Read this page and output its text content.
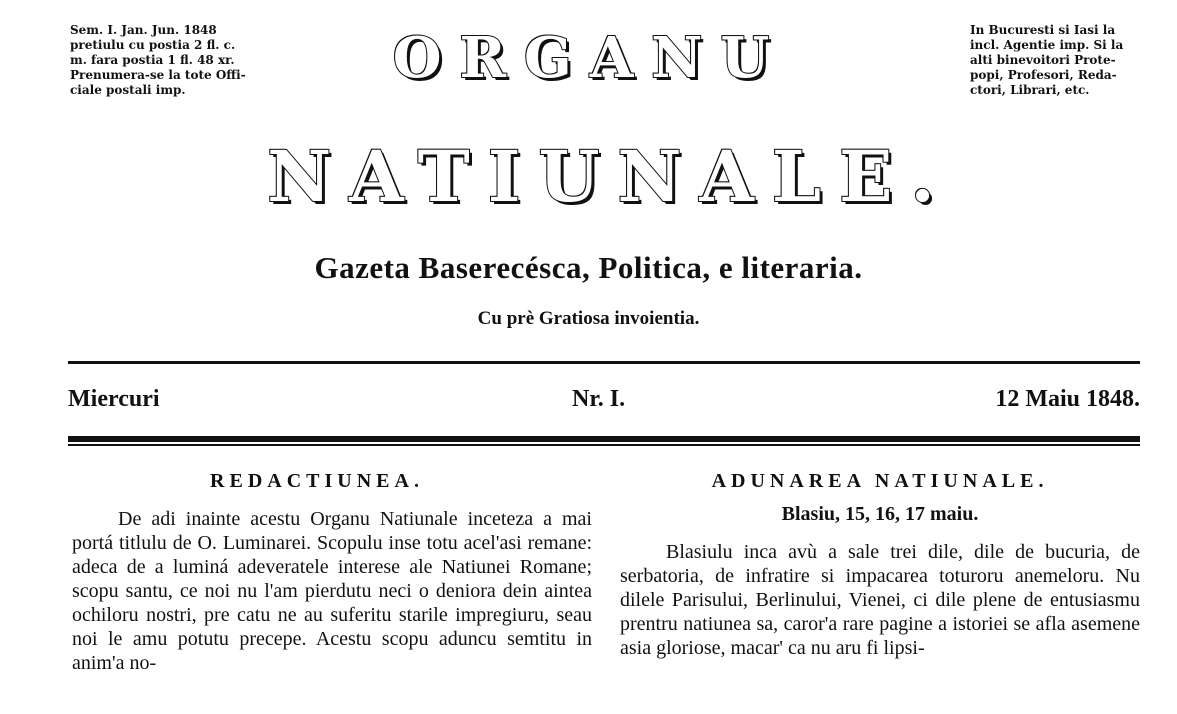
Sem. I. Jan. Jun. 1848
pretiulu cu postia 2 fl. c.
m. fara postia 1 fl. 48 xr.
Prenumera-se la tote Offi-
ciale postali imp.
In Bucuresti si Iasi la
incl. Agentie imp. Si la
alti binevoitori Prote-
popi, Profesori, Reda-
ctori, Librari, etc.
ORGANU
NATIUNALE.
Gazeta Baserecésca, Politica, e literaria.
Cu prè Gratiosa invoientia.
Miercuri	Nr. I.	12 Maiu 1848.
REDACTIUNEA.

De adi inainte acestu Organu Natiunale inceteza a mai portá titlulu de O. Luminarei. Scopulu inse totu acel'asi remane: adeca de a luminá adeveratele interese ale Natiunei Romane; scopu santu, ce noi nu l'am pierdutu neci o deniora dein aintea ochiloru nostri, pre catu ne au suferitu starile impregiuru, seau noi le amu potutu precepe. Acestu scopu aduncu semtitu in anim'a no-

ADUNAREA NATIUNALE.
Blasiu, 15, 16, 17 maiu.

Blasiulu inca avù a sale trei dile, dile de bucuria, de serbatoria, de infratire si impacarea toturoru anemeloru. Nu dilele Parisului, Berlinului, Vienei, ci dile plene de entusiasmu prentru natiunea sa, caror'a rare pagine a istoriei se afla asemene asia gloriose, macar' ca nu aru fi lipsi-
